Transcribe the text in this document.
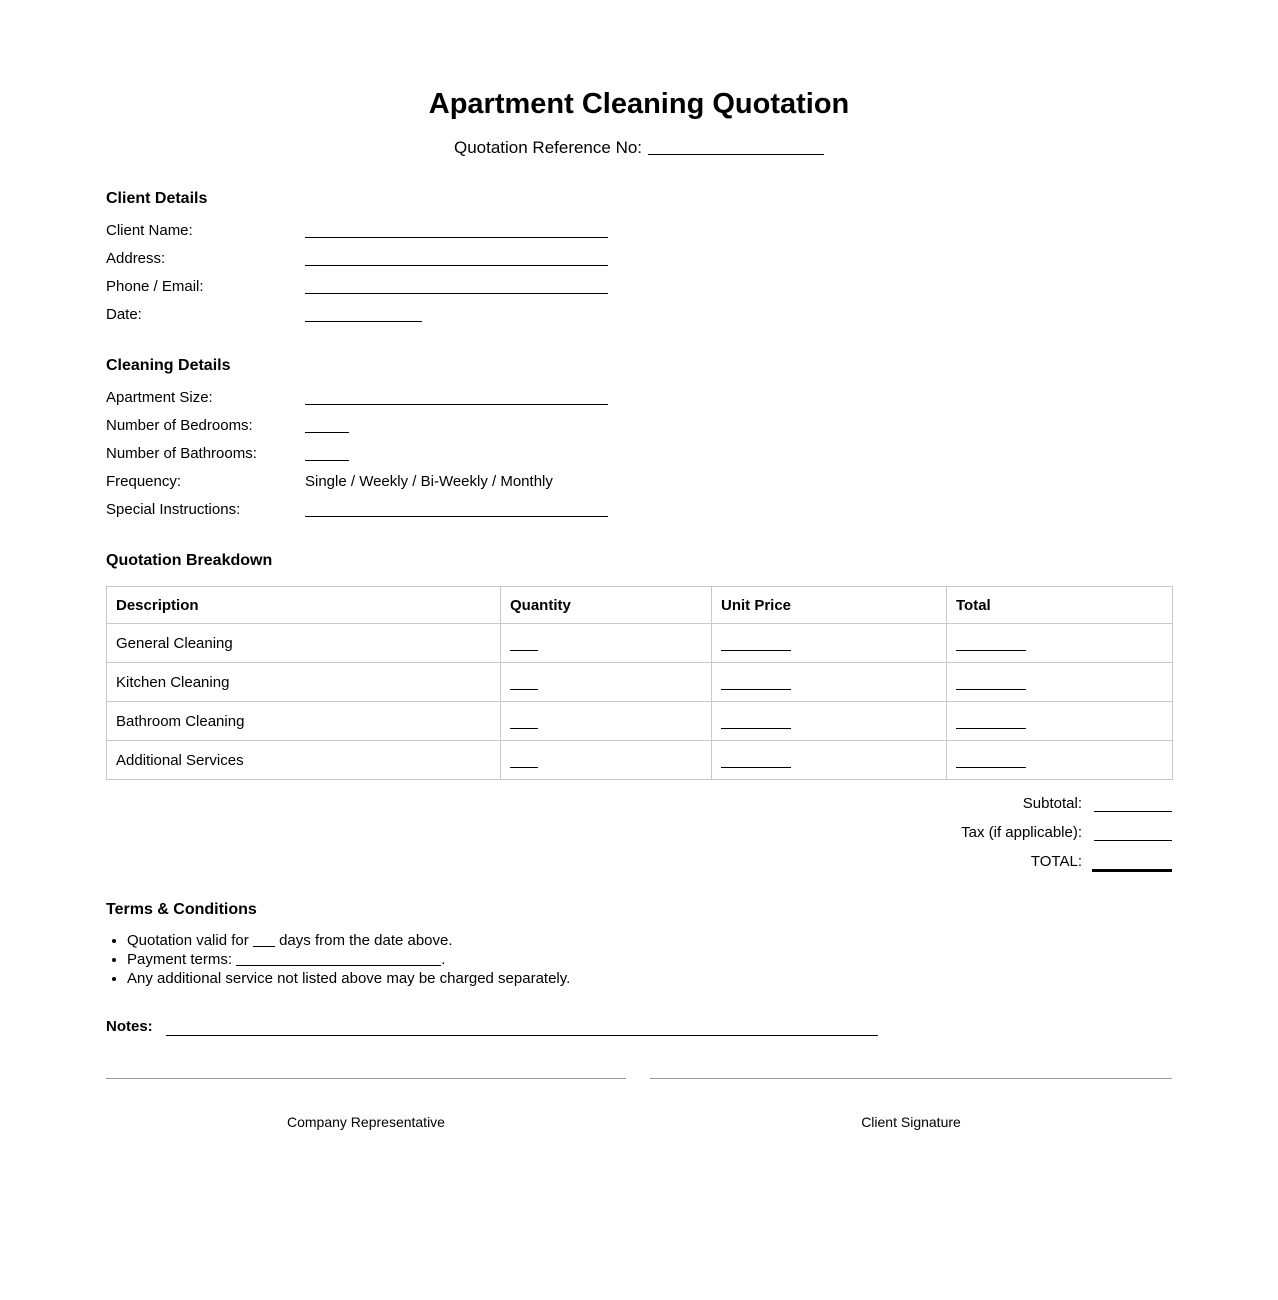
Apartment Cleaning Quotation
Quotation Reference No:
Client Details
Client Name:
Address:
Phone / Email:
Date:
Cleaning Details
Apartment Size:
Number of Bedrooms:
Number of Bathrooms:
Frequency:	Single / Weekly / Bi-Weekly / Monthly
Special Instructions:
Quotation Breakdown
Description	Quantity	Unit Price	Total
General Cleaning	

Kitchen Cleaning	

Bathroom Cleaning	

Additional Services	

Subtotal:
Tax (if applicable):
TOTAL:
Terms & Conditions
• Quotation valid for  days from the date above.
• Payment terms:	.
• Any additional service not listed above may be charged separately.
Notes:
Company Representative	Client Signature
